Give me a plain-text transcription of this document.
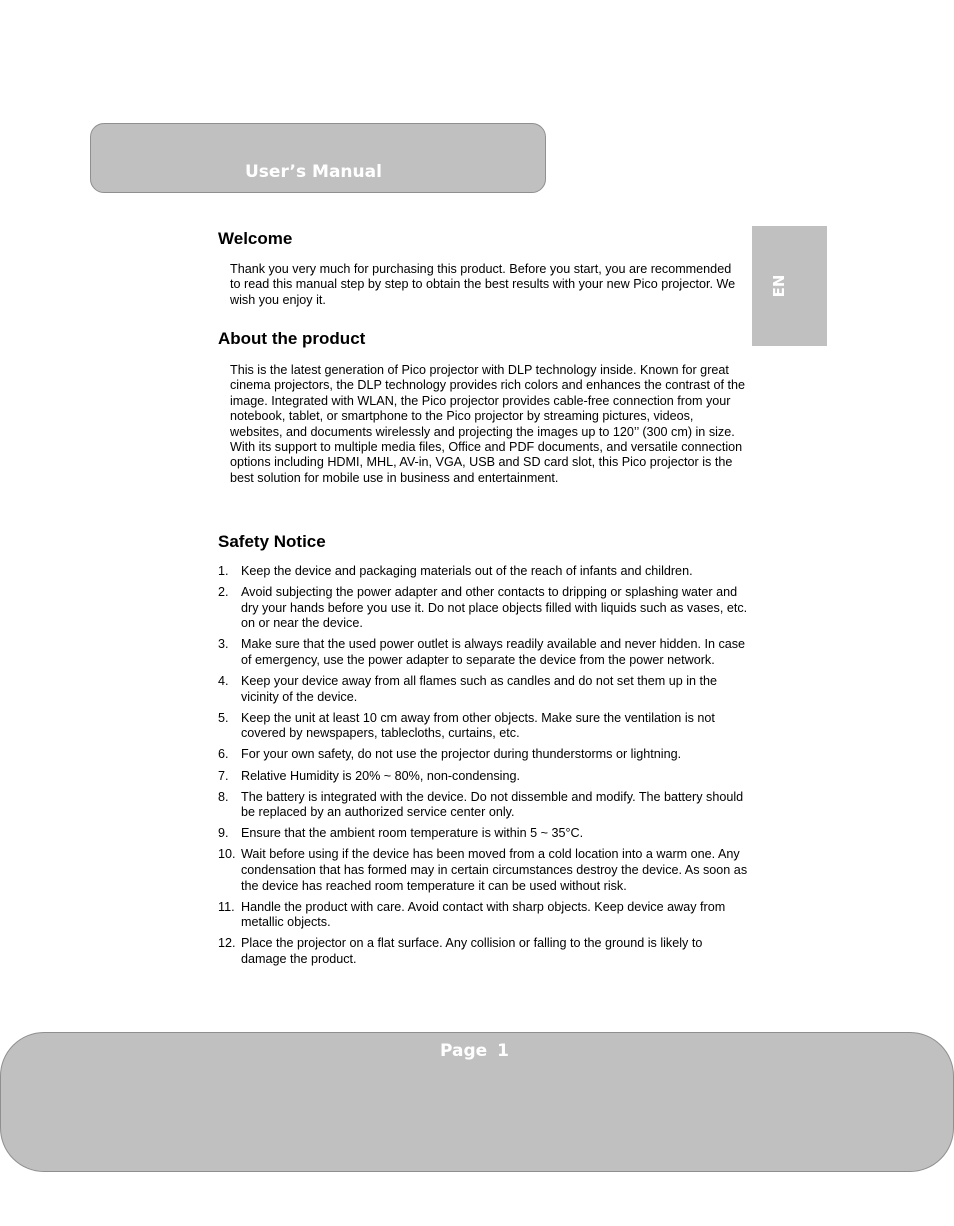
User’s Manual
EN
Welcome

Thank you very much for purchasing this product. Before you start, you are recommended to read this manual step by step to obtain the best results with your new Pico projector. We wish you enjoy it.

About the product

This is the latest generation of Pico projector with DLP technology inside. Known for great cinema projectors, the DLP technology provides rich colors and enhances the contrast of the image. Integrated with WLAN, the Pico projector provides cable-free connection from your notebook, tablet, or smartphone to the Pico projector by streaming pictures, videos, websites, and documents wirelessly and projecting the images up to 120’’ (300 cm) in size. With its support to multiple media files, Office and PDF documents, and versatile connection options including HDMI, MHL, AV-in, VGA, USB and SD card slot, this Pico projector is the best solution for mobile use in business and entertainment.

Safety Notice
1. Keep the device and packaging materials out of the reach of infants and children.
2. Avoid subjecting the power adapter and other contacts to dripping or splashing water and dry your hands before you use it. Do not place objects filled with liquids such as vases, etc. on or near the device.
3. Make sure that the used power outlet is always readily available and never hidden. In case of emergency, use the power adapter to separate the device from the power network.
4. Keep your device away from all flames such as candles and do not set them up in the vicinity of the device.
5. Keep the unit at least 10 cm away from other objects. Make sure the ventilation is not covered by newspapers, tablecloths, curtains, etc.
6. For your own safety, do not use the projector during thunderstorms or lightning.
7. Relative Humidity is 20% ~ 80%, non-condensing.
8. The battery is integrated with the device. Do not dissemble and modify. The battery should be replaced by an authorized service center only.
9. Ensure that the ambient room temperature is within 5 ~ 35°C.
10. Wait before using if the device has been moved from a cold location into a warm one. Any condensation that has formed may in certain circumstances destroy the device. As soon as the device has reached room temperature it can be used without risk.
11. Handle the product with care. Avoid contact with sharp objects. Keep device away from metallic objects.
12. Place the projector on a flat surface. Any collision or falling to the ground is likely to damage the product.
Page 1
